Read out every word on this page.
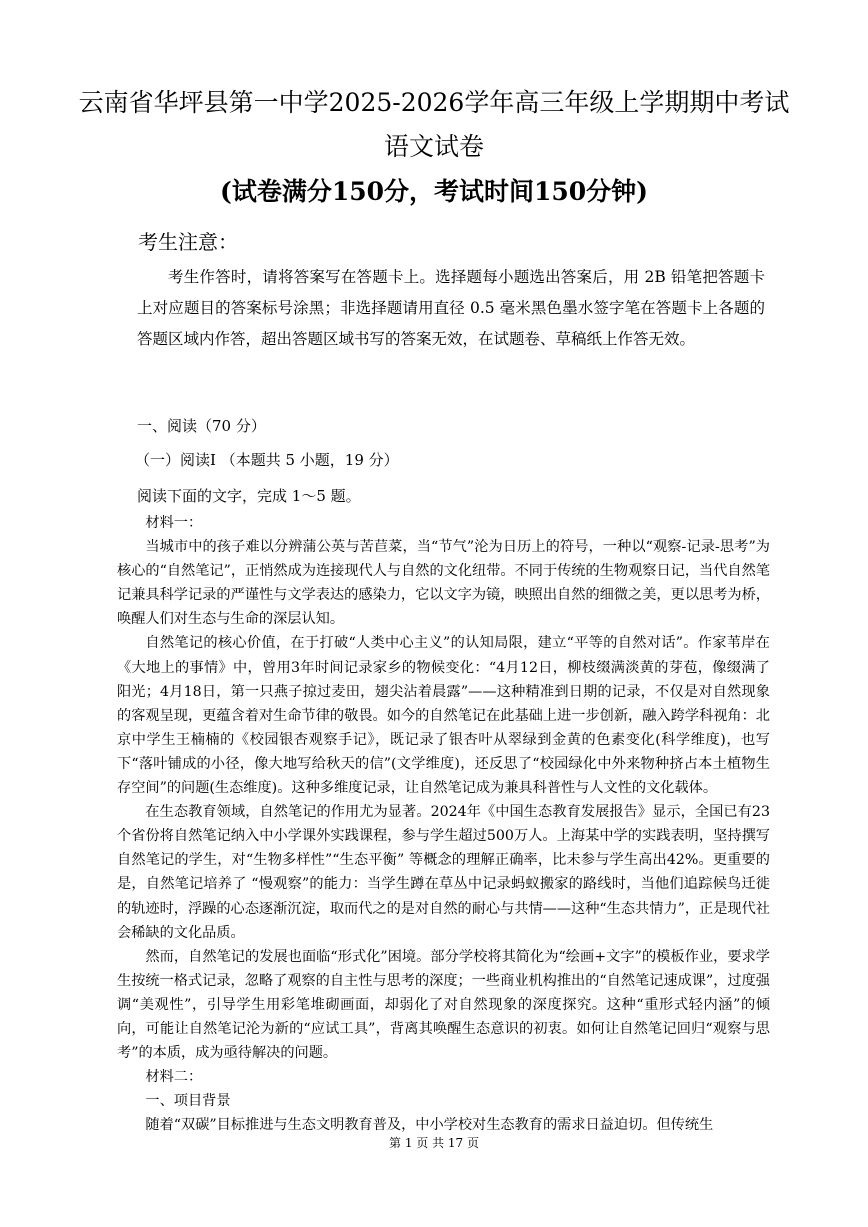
云南省华坪县第一中学2025-2026学年高三年级上学期期中考试
语文试卷
(试卷满分150分，考试时间150分钟)
考生注意：
考生作答时，请将答案写在答题卡上。选择题每小题选出答案后，用 2B 铅笔把答题卡上对应题目的答案标号涂黑；非选择题请用直径 0.5 毫米黑色墨水签字笔在答题卡上各题的答题区域内作答，超出答题区域书写的答案无效，在试题卷、草稿纸上作答无效。
一、阅读（70 分）
（一）阅读Ⅰ （本题共 5 小题，19 分）
阅读下面的文字，完成 1～5 题。

材料一：

当城市中的孩子难以分辨蒲公英与苦苣菜，当“节气”沦为日历上的符号，一种以“观察-记录-思考”为核心的“自然笔记”，正悄然成为连接现代人与自然的文化纽带。不同于传统的生物观察日记，当代自然笔记兼具科学记录的严谨性与文学表达的感染力，它以文字为镜，映照出自然的细微之美，更以思考为桥，唤醒人们对生态与生命的深层认知。

自然笔记的核心价值，在于打破“人类中心主义”的认知局限，建立“平等的自然对话”。作家苇岸在《大地上的事情》中，曾用3年时间记录家乡的物候变化：“4月12日，柳枝缀满淡黄的芽苞，像缀满了阳光；4月18日，第一只燕子掠过麦田，翅尖沾着晨露”——这种精准到日期的记录，不仅是对自然现象的客观呈现，更蕴含着对生命节律的敬畏。如今的自然笔记在此基础上进一步创新，融入跨学科视角：北京中学生王楠楠的《校园银杏观察手记》，既记录了银杏叶从翠绿到金黄的色素变化(科学维度)，也写下“落叶铺成的小径，像大地写给秋天的信”(文学维度)，还反思了“校园绿化中外来物种挤占本土植物生存空间”的问题(生态维度)。这种多维度记录，让自然笔记成为兼具科普性与人文性的文化载体。

在生态教育领域，自然笔记的作用尤为显著。2024年《中国生态教育发展报告》显示，全国已有23个省份将自然笔记纳入中小学课外实践课程，参与学生超过500万人。上海某中学的实践表明，坚持撰写自然笔记的学生，对“生物多样性”“生态平衡” 等概念的理解正确率，比未参与学生高出42%。更重要的是，自然笔记培养了 “慢观察”的能力：当学生蹲在草丛中记录蚂蚁搬家的路线时，当他们追踪候鸟迁徙的轨迹时，浮躁的心态逐渐沉淀，取而代之的是对自然的耐心与共情——这种“生态共情力”，正是现代社会稀缺的文化品质。

然而，自然笔记的发展也面临“形式化”困境。部分学校将其简化为“绘画+文字”的模板作业，要求学生按统一格式记录，忽略了观察的自主性与思考的深度；一些商业机构推出的“自然笔记速成课”，过度强调“美观性”，引导学生用彩笔堆砌画面，却弱化了对自然现象的深度探究。这种“重形式轻内涵”的倾向，可能让自然笔记沦为新的“应试工具”，背离其唤醒生态意识的初衷。如何让自然笔记回归“观察与思考”的本质，成为亟待解决的问题。

材料二：

一、项目背景

随着“双碳”目标推进与生态文明教育普及，中小学校对生态教育的需求日益迫切。但传统生

第 1 页 共 17 页
